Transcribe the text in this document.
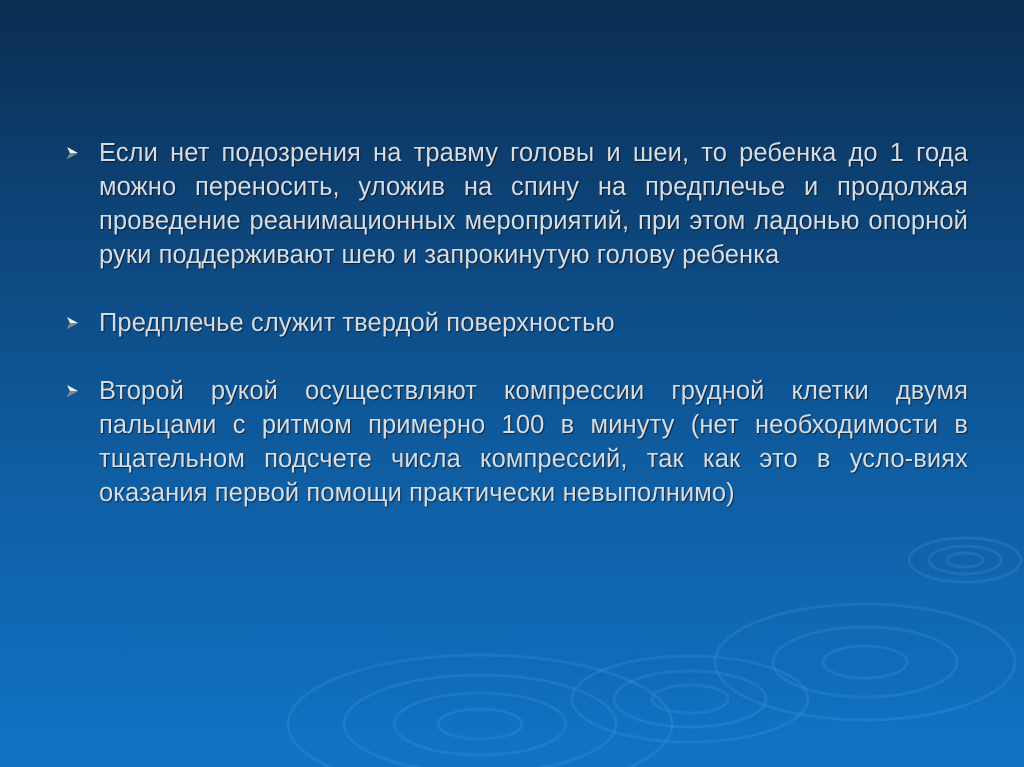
Если нет подозрения на травму головы и шеи, то ребенка до 1 года можно переносить, уложив на спину на предплечье и продолжая проведение реанимационных мероприятий, при этом ладонью опорной руки поддерживают шею и запрокинутую голову ребенка

Предплечье служит твердой поверхностью

Второй рукой осуществляют компрессии грудной клетки двумя пальцами с ритмом примерно 100 в минуту (нет необходимости в тщательном подсчете числа компрессий, так как это в усло-виях оказания первой помощи практически невыполнимо)
